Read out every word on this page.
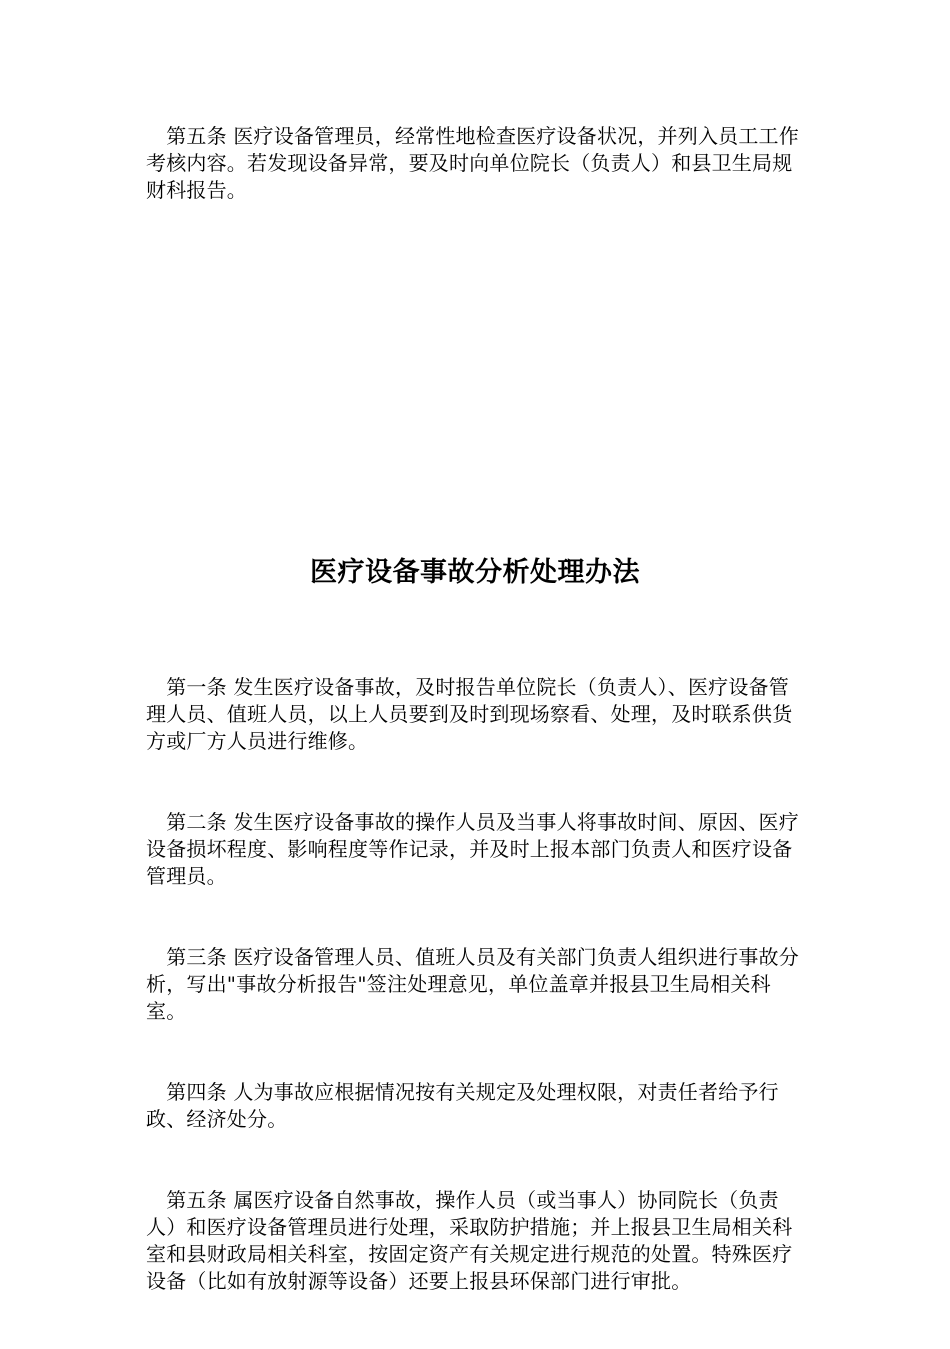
　第五条 医疗设备管理员，经常性地检查医疗设备状况，并列入员工工作考核内容。若发现设备异常，要及时向单位院长（负责人）和县卫生局规财科报告。
医疗设备事故分析处理办法

　第一条 发生医疗设备事故，及时报告单位院长（负责人）、医疗设备管理人员、值班人员，以上人员要到及时到现场察看、处理，及时联系供货方或厂方人员进行维修。

　第二条 发生医疗设备事故的操作人员及当事人将事故时间、原因、医疗设备损坏程度、影响程度等作记录，并及时上报本部门负责人和医疗设备管理员。

　第三条 医疗设备管理人员、值班人员及有关部门负责人组织进行事故分析，写出"事故分析报告"签注处理意见，单位盖章并报县卫生局相关科室。

　第四条 人为事故应根据情况按有关规定及处理权限，对责任者给予行政、经济处分。

　第五条 属医疗设备自然事故，操作人员（或当事人）协同院长（负责人）和医疗设备管理员进行处理，采取防护措施；并上报县卫生局相关科室和县财政局相关科室，按固定资产有关规定进行规范的处置。特殊医疗设备（比如有放射源等设备）还要上报县环保部门进行审批。
